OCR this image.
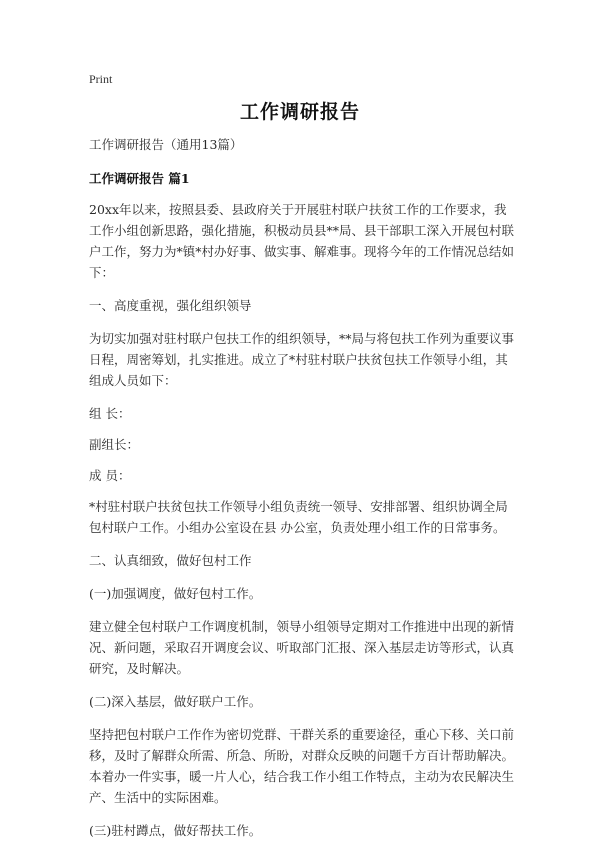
Print
工作调研报告
工作调研报告（通用13篇）
工作调研报告 篇1

20xx年以来，按照县委、县政府关于开展驻村联户扶贫工作的工作要求，我工作小组创新思路，强化措施，积极动员县**局、县干部职工深入开展包村联户工作，努力为*镇*村办好事、做实事、解难事。现将今年的工作情况总结如下：

一、高度重视，强化组织领导

为切实加强对驻村联户包扶工作的组织领导，**局与将包扶工作列为重要议事日程，周密筹划，扎实推进。成立了*村驻村联户扶贫包扶工作领导小组，其组成人员如下：

组 长：

副组长：

成 员：

*村驻村联户扶贫包扶工作领导小组负责统一领导、安排部署、组织协调全局包村联户工作。小组办公室设在县 办公室，负责处理小组工作的日常事务。

二、认真细致，做好包村工作

(一)加强调度，做好包村工作。

建立健全包村联户工作调度机制，领导小组领导定期对工作推进中出现的新情况、新问题，采取召开调度会议、听取部门汇报、深入基层走访等形式，认真研究，及时解决。

(二)深入基层，做好联户工作。

坚持把包村联户工作作为密切党群、干群关系的重要途径，重心下移、关口前移，及时了解群众所需、所急、所盼，对群众反映的问题千方百计帮助解决。本着办一件实事，暖一片人心，结合我工作小组工作特点，主动为农民解决生产、生活中的实际困难。

(三)驻村蹲点，做好帮扶工作。
